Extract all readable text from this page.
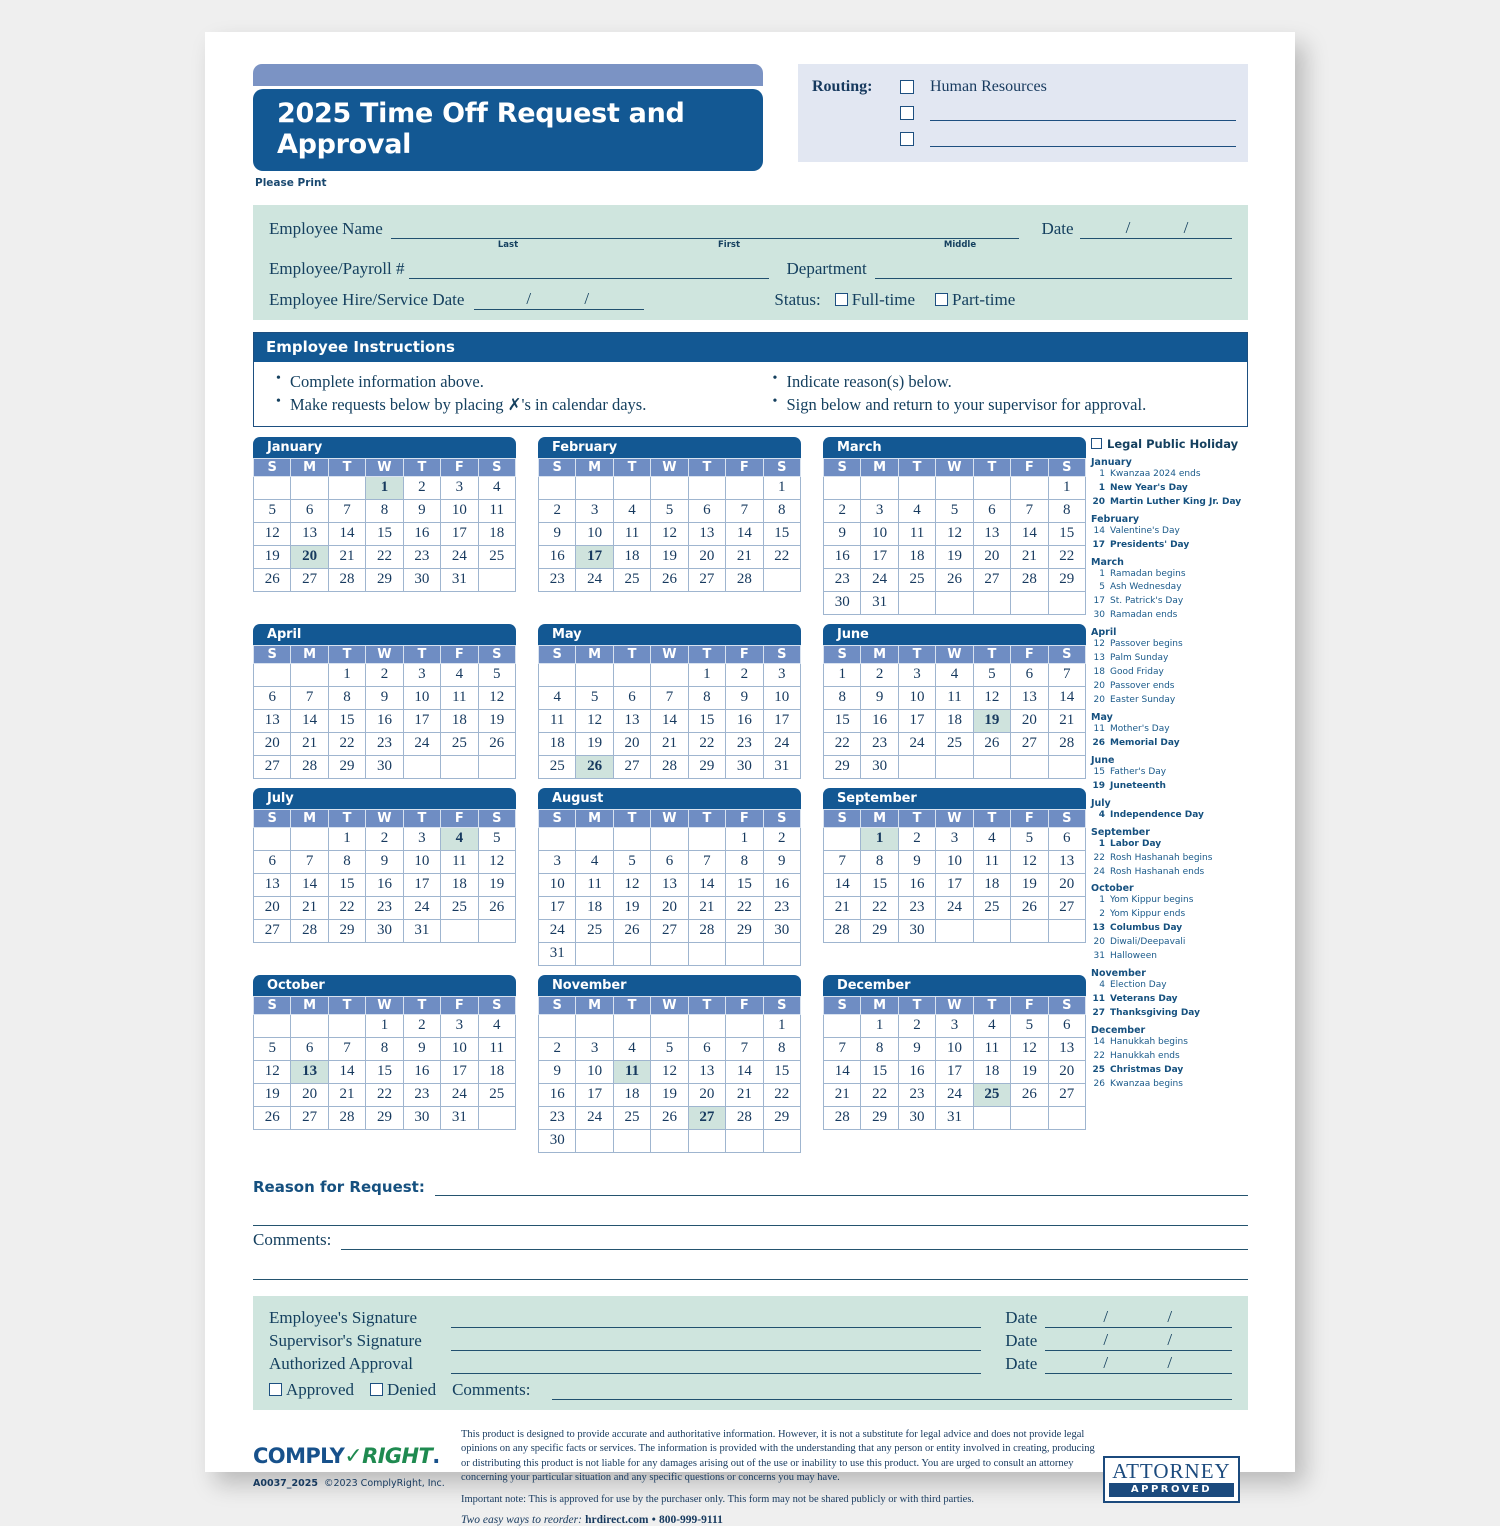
2025 Time Off Request and Approval
Please Print
Routing:	Human Resources
Employee Name	Date	/	/
Last	First	Middle
Employee/Payroll #	Department
Employee Hire/Service Date	/	/	Status:	Full-time	Part-time
Employee Instructions
• Complete information above.
• Make requests below by placing ✗'s in calendar days.
• Indicate reason(s) below.
• Sign below and return to your supervisor for approval.
January
S	M	T	W	T	F	S
			1	2	3	4
5	6	7	8	9	10	11
12	13	14	15	16	17	18
19	20	21	22	23	24	25
26	27	28	29	30	31	
February
S	M	T	W	T	F	S
						1
2	3	4	5	6	7	8
9	10	11	12	13	14	15
16	17	18	19	20	21	22
23	24	25	26	27	28	
March
S	M	T	W	T	F	S
						1
2	3	4	5	6	7	8
9	10	11	12	13	14	15
16	17	18	19	20	21	22
23	24	25	26	27	28	29
30	31					
April
S	M	T	W	T	F	S
		1	2	3	4	5
6	7	8	9	10	11	12
13	14	15	16	17	18	19
20	21	22	23	24	25	26
27	28	29	30			
May
S	M	T	W	T	F	S
				1	2	3
4	5	6	7	8	9	10
11	12	13	14	15	16	17
18	19	20	21	22	23	24
25	26	27	28	29	30	31
June
S	M	T	W	T	F	S
1	2	3	4	5	6	7
8	9	10	11	12	13	14
15	16	17	18	19	20	21
22	23	24	25	26	27	28
29	30					
July
S	M	T	W	T	F	S
		1	2	3	4	5
6	7	8	9	10	11	12
13	14	15	16	17	18	19
20	21	22	23	24	25	26
27	28	29	30	31		
August
S	M	T	W	T	F	S
					1	2
3	4	5	6	7	8	9
10	11	12	13	14	15	16
17	18	19	20	21	22	23
24	25	26	27	28	29	30
31						
September
S	M	T	W	T	F	S
	1	2	3	4	5	6
7	8	9	10	11	12	13
14	15	16	17	18	19	20
21	22	23	24	25	26	27
28	29	30				
October
S	M	T	W	T	F	S
			1	2	3	4
5	6	7	8	9	10	11
12	13	14	15	16	17	18
19	20	21	22	23	24	25
26	27	28	29	30	31	
November
S	M	T	W	T	F	S
						1
2	3	4	5	6	7	8
9	10	11	12	13	14	15
16	17	18	19	20	21	22
23	24	25	26	27	28	29
30						
December
S	M	T	W	T	F	S
	1	2	3	4	5	6
7	8	9	10	11	12	13
14	15	16	17	18	19	20
21	22	23	24	25	26	27
28	29	30	31			
Legal Public Holiday
January
1 Kwanzaa 2024 ends
1 New Year's Day
20 Martin Luther King Jr. Day
February
14 Valentine's Day
17 Presidents' Day
March
1 Ramadan begins
5 Ash Wednesday
17 St. Patrick's Day
30 Ramadan ends
April
12 Passover begins
13 Palm Sunday
18 Good Friday
20 Passover ends
20 Easter Sunday
May
11 Mother's Day
26 Memorial Day
June
15 Father's Day
19 Juneteenth
July
4 Independence Day
September
1 Labor Day
22 Rosh Hashanah begins
24 Rosh Hashanah ends
October
1 Yom Kippur begins
2 Yom Kippur ends
13 Columbus Day
20 Diwali/Deepavali
31 Halloween
November
4 Election Day
11 Veterans Day
27 Thanksgiving Day
December
14 Hanukkah begins
22 Hanukkah ends
25 Christmas Day
26 Kwanzaa begins
Reason for Request:
Comments:
Employee's Signature	Date	/	/
Supervisor's Signature	Date	/	/
Authorized Approval	Date	/	/
Approved	Denied Comments:
COMPLY✓RIGHT.
A0037_2025 ©2023 ComplyRight, Inc.
This product is designed to provide accurate and authoritative information. However, it is not a substitute for legal advice and does not provide legal opinions on any specific facts or services. The information is provided with the understanding that any person or entity involved in creating, producing or distributing this product is not liable for any damages arising out of the use or inability to use this product. You are urged to consult an attorney concerning your particular situation and any specific questions or concerns you may have.
Important note: This is approved for use by the purchaser only. This form may not be shared publicly or with third parties.
Two easy ways to reorder: hrdirect.com • 800-999-9111
ATTORNEY
APPROVED
